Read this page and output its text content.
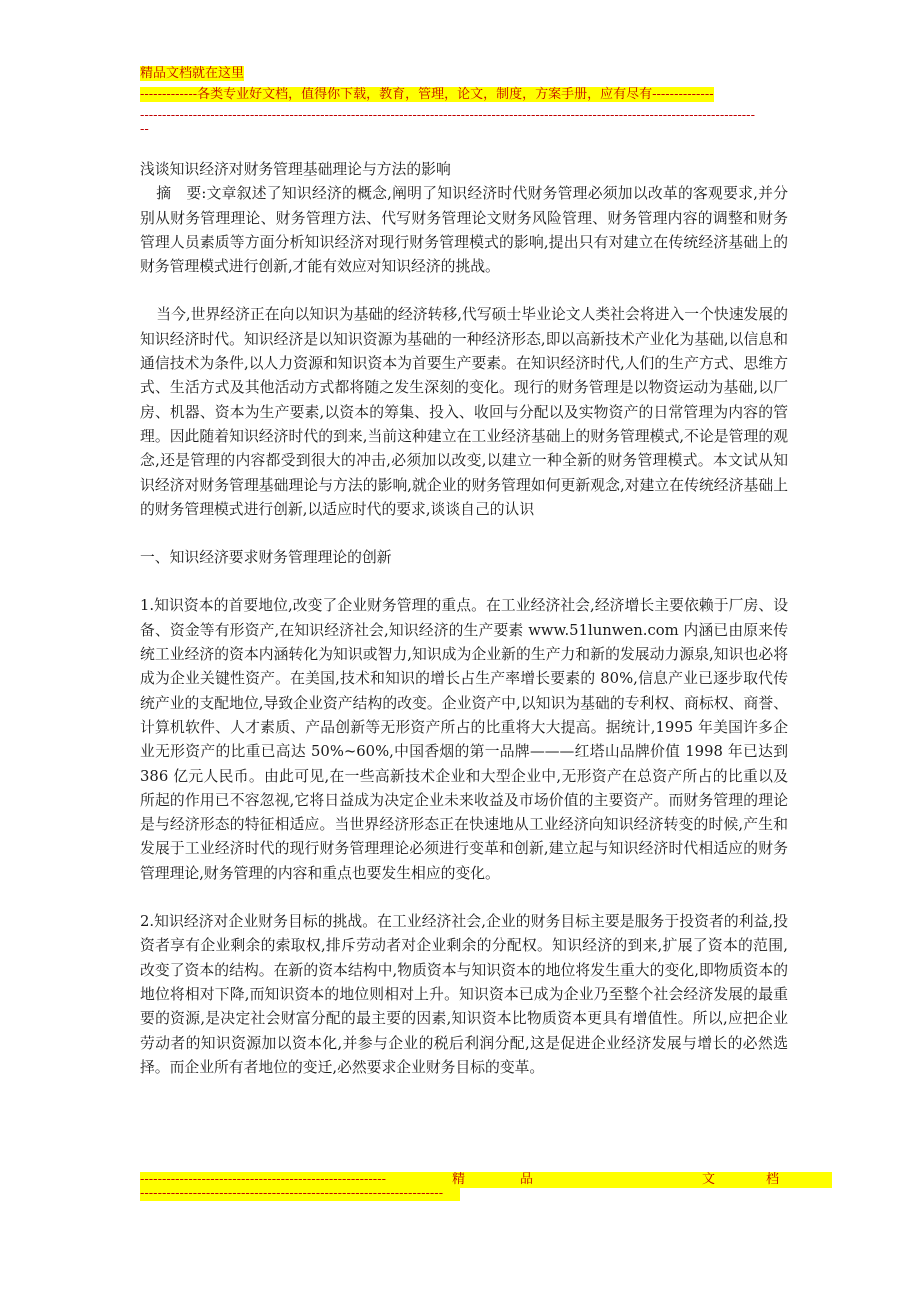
精品文档就在这里
-------------各类专业好文档，值得你下载，教育，管理，论文，制度，方案手册，应有尽有--------------
--------------------------------------------------------------------------------------------------------------------------------------------
--

浅谈知识经济对财务管理基础理论与方法的影响

摘　要:文章叙述了知识经济的概念,阐明了知识经济时代财务管理必须加以改革的客观要求,并分别从财务管理理论、财务管理方法、代写财务管理论文财务风险管理、财务管理内容的调整和财务管理人员素质等方面分析知识经济对现行财务管理模式的影响,提出只有对建立在传统经济基础上的财务管理模式进行创新,才能有效应对知识经济的挑战。

当今,世界经济正在向以知识为基础的经济转移,代写硕士毕业论文人类社会将进入一个快速发展的知识经济时代。知识经济是以知识资源为基础的一种经济形态,即以高新技术产业化为基础,以信息和通信技术为条件,以人力资源和知识资本为首要生产要素。在知识经济时代,人们的生产方式、思维方式、生活方式及其他活动方式都将随之发生深刻的变化。现行的财务管理是以物资运动为基础,以厂房、机器、资本为生产要素,以资本的筹集、投入、收回与分配以及实物资产的日常管理为内容的管理。因此随着知识经济时代的到来,当前这种建立在工业经济基础上的财务管理模式,不论是管理的观念,还是管理的内容都受到很大的冲击,必须加以改变,以建立一种全新的财务管理模式。本文试从知识经济对财务管理基础理论与方法的影响,就企业的财务管理如何更新观念,对建立在传统经济基础上的财务管理模式进行创新,以适应时代的要求,谈谈自己的认识

一、知识经济要求财务管理理论的创新

1.知识资本的首要地位,改变了企业财务管理的重点。在工业经济社会,经济增长主要依赖于厂房、设备、资金等有形资产,在知识经济社会,知识经济的生产要素 www.51lunwen.com 内涵已由原来传统工业经济的资本内涵转化为知识或智力,知识成为企业新的生产力和新的发展动力源泉,知识也必将成为企业关键性资产。在美国,技术和知识的增长占生产率增长要素的 80%,信息产业已逐步取代传统产业的支配地位,导致企业资产结构的改变。企业资产中,以知识为基础的专利权、商标权、商誉、计算机软件、人才素质、产品创新等无形资产所占的比重将大大提高。据统计,1995 年美国许多企业无形资产的比重已高达 50%~60%,中国香烟的第一品牌———红塔山品牌价值 1998 年已达到 386 亿元人民币。由此可见,在一些高新技术企业和大型企业中,无形资产在总资产所占的比重以及所起的作用已不容忽视,它将日益成为决定企业未来收益及市场价值的主要资产。而财务管理的理论是与经济形态的特征相适应。当世界经济形态正在快速地从工业经济向知识经济转变的时候,产生和发展于工业经济时代的现行财务管理理论必须进行变革和创新,建立起与知识经济时代相适应的财务管理理论,财务管理的内容和重点也要发生相应的变化。

2.知识经济对企业财务目标的挑战。在工业经济社会,企业的财务目标主要是服务于投资者的利益,投资者享有企业剩余的索取权,排斥劳动者对企业剩余的分配权。知识经济的到来,扩展了资本的范围,改变了资本的结构。在新的资本结构中,物质资本与知识资本的地位将发生重大的变化,即物质资本的地位将相对下降,而知识资本的地位则相对上升。知识资本已成为企业乃至整个社会经济发展的最重要的资源,是决定社会财富分配的最主要的因素,知识资本比物质资本更具有增值性。所以,应把企业劳动者的知识资源加以资本化,并参与企业的税后利润分配,这是促进企业经济发展与增长的必然选择。而企业所有者地位的变迁,必然要求企业财务目标的变革。

--------------------------------------------------------	精	品	文	档
---------------------------------------------------------------------
